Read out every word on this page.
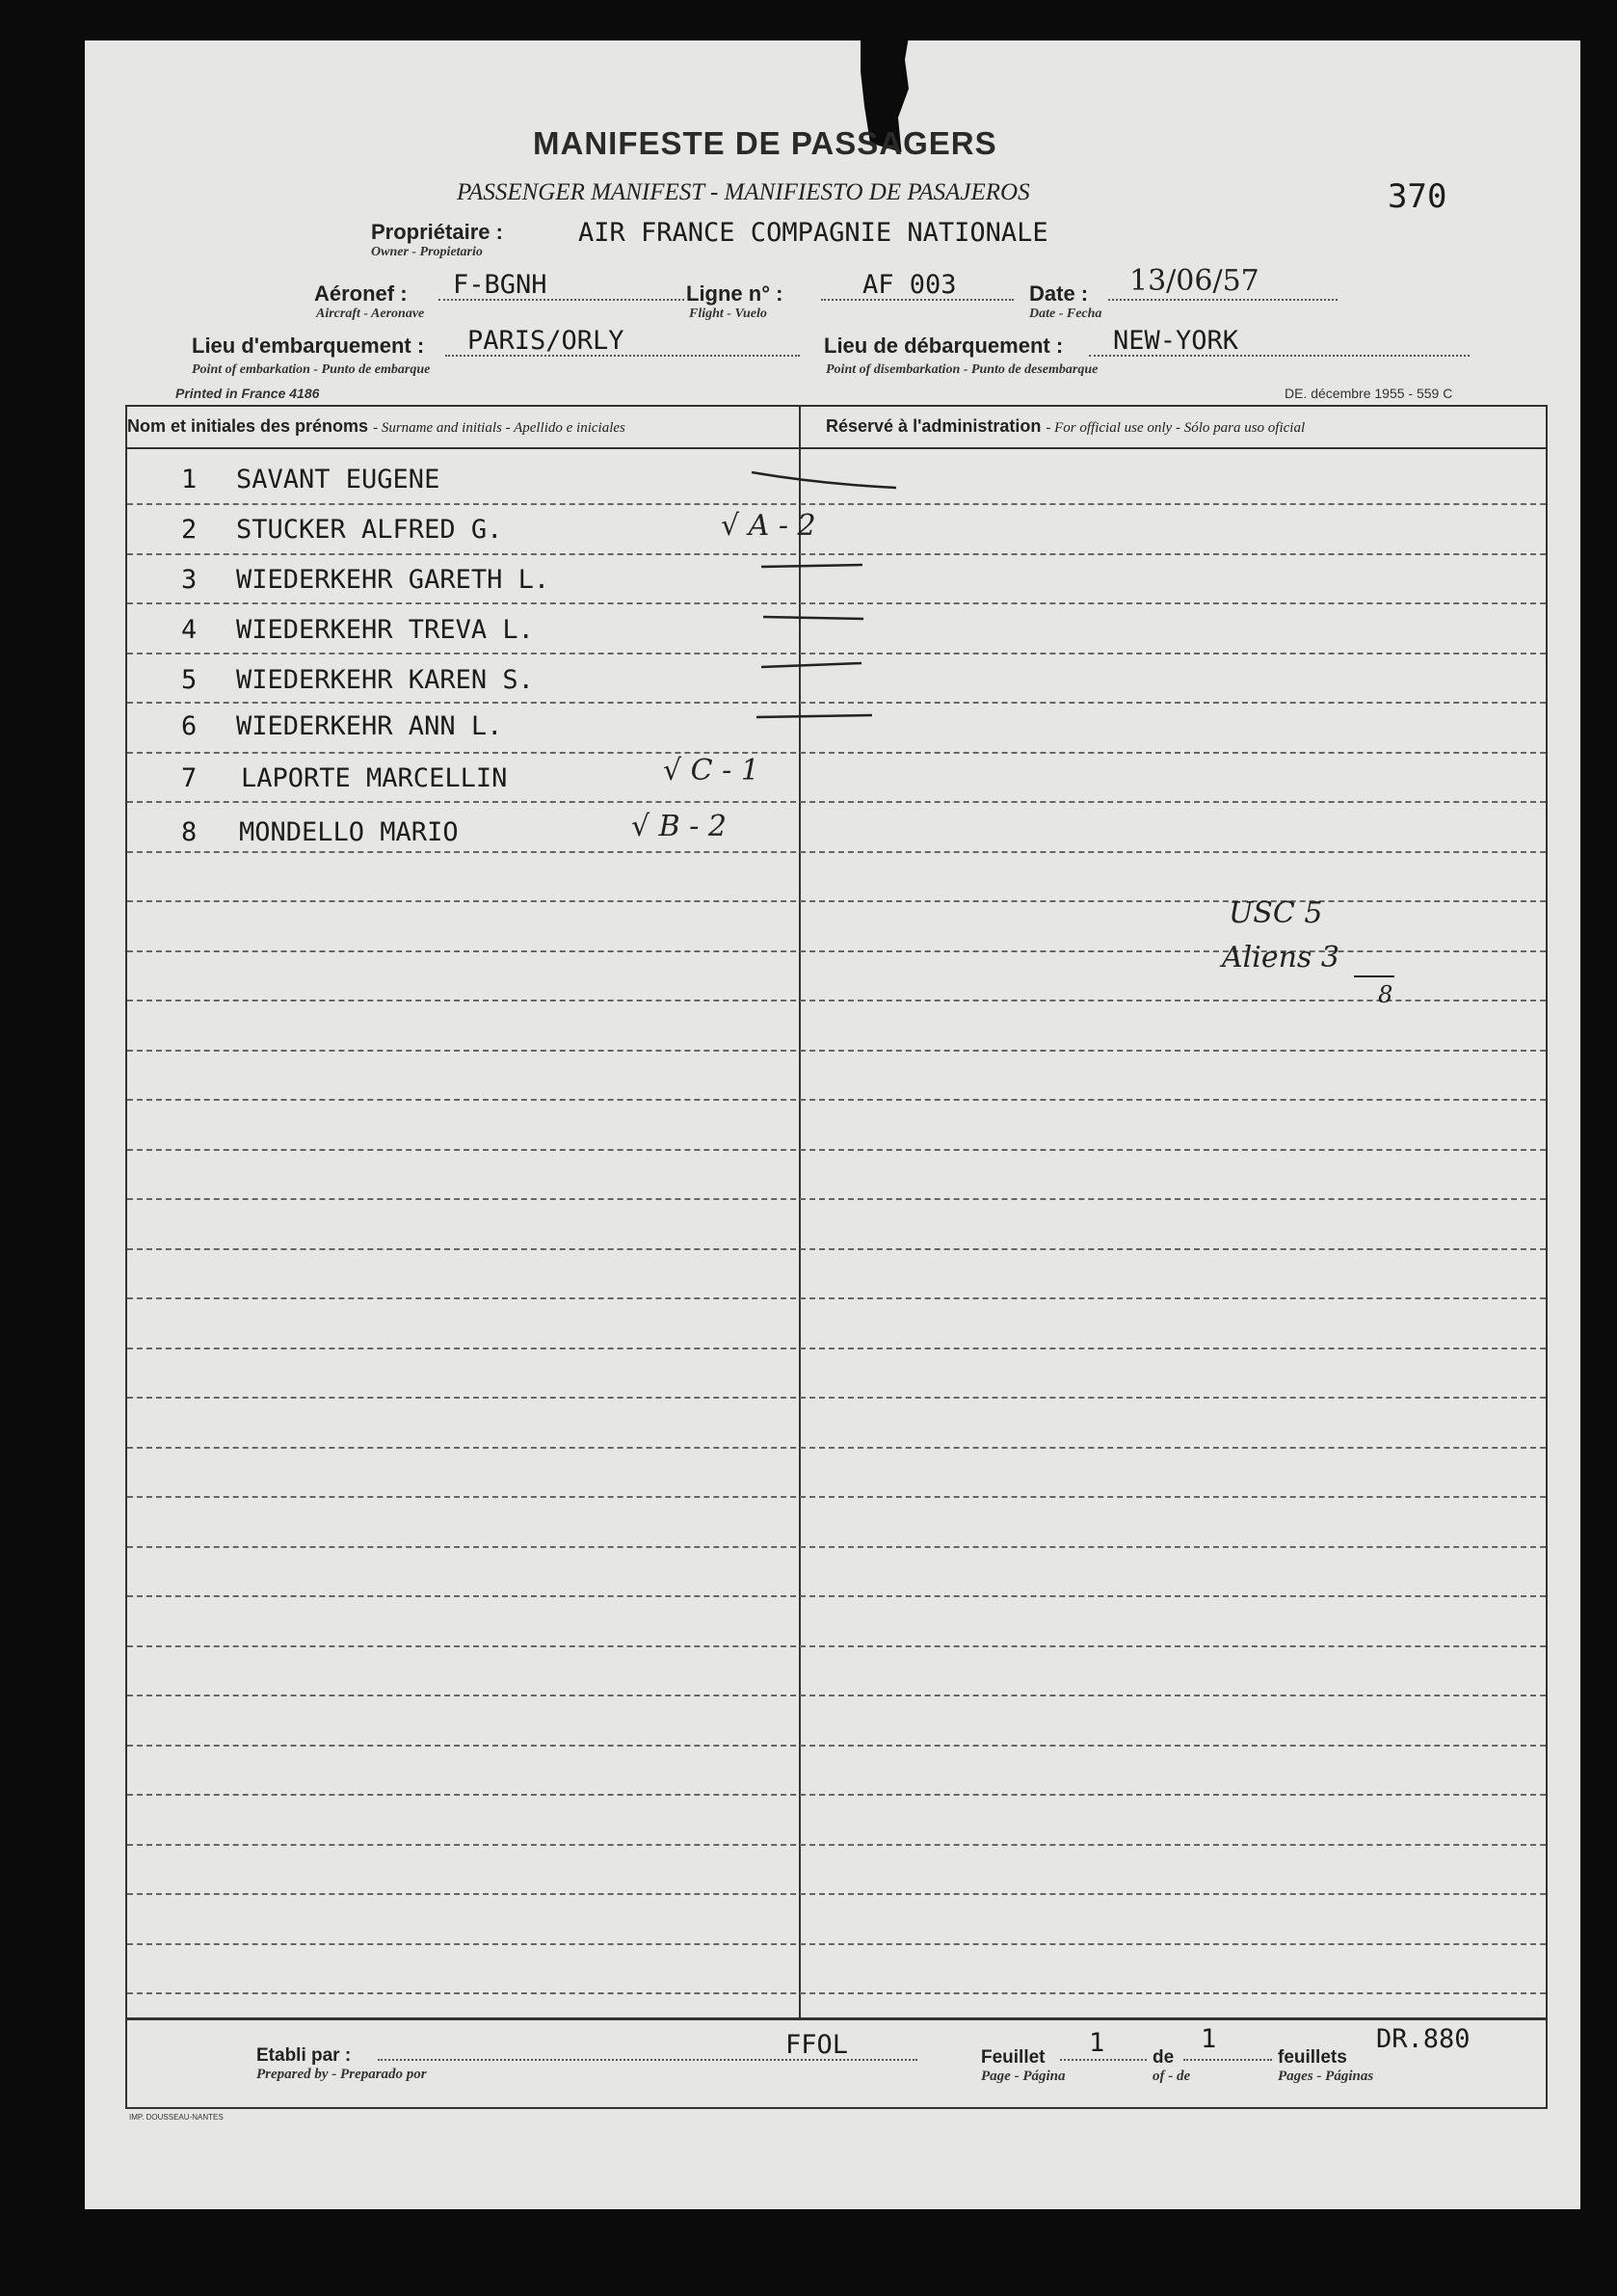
MANIFESTE DE PASSAGERS
PASSENGER MANIFEST - MANIFIESTO DE PASAJEROS	370
Propriétaire :
Owner - Propietario
AIR FRANCE COMPAGNIE NATIONALE
Aéronef :
Aircraft - Aeronave
F-BGNH	Ligne n° :
Flight - Vuelo
AF 003	Date :
Date - Fecha
13/06/57
Lieu d'embarquement :
Point of embarkation - Punto de embarque
PARIS/ORLY	Lieu de débarquement :
Point of disembarkation - Punto de desembarque
NEW-YORK
Printed in France 4186	DE. décembre 1955 - 559 C
Nom et initiales des prénoms - Surname and initials - Apellido e iniciales	Réservé à l'administration - For official use only - Sólo para uso oficial
1 SAVANT EUGENE
2 STUCKER ALFRED G.	√ A - 2
3 WIEDERKEHR GARETH L.
4 WIEDERKEHR TREVA L.
5 WIEDERKEHR KAREN S.
6 WIEDERKEHR ANN L.
7 LAPORTE MARCELLIN	√ C - 1
8 MONDELLO MARIO	√ B - 2
USC 5
Aliens 3
8
Etabli par :
Prepared by - Preparado por
FFOL	Feuillet
Page - Página
1	de
of - de
1
feuillets
Pages - Páginas
DR.880
IMP. DOUSSEAU-NANTES
